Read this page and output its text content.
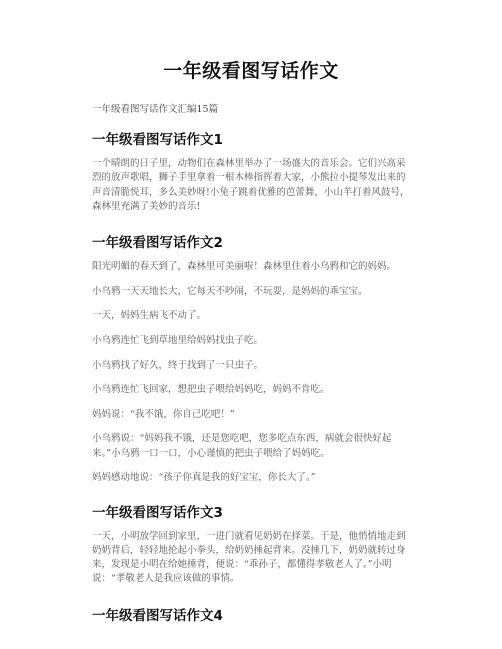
一年级看图写话作文

一年级看图写话作文汇编15篇

一年级看图写话作文1

一个晴朗的日子里，动物们在森林里举办了一场盛大的音乐会。它们兴高采烈的放声歌唱，狮子手里拿着一根木棒指挥着大家，小熊拉小提琴发出来的声音清脆悦耳，多么美妙呀!小兔子跳着优雅的芭蕾舞，小山羊打着风鼓号，森林里充满了美妙的音乐!

一年级看图写话作文2

阳光明媚的春天到了，森林里可美丽啦！森林里住着小乌鸦和它的妈妈。

小乌鸦一天天地长大，它每天不吵闹，不玩耍，是妈妈的乖宝宝。

一天，妈妈生病飞不动了。

小乌鸦连忙飞到草地里给妈妈找虫子吃。

小乌鸦找了好久，终于找到了一只虫子。

小乌鸦连忙飞回家，想把虫子喂给妈妈吃，妈妈不肯吃。

妈妈说：“我不饿，你自己吃吧！”

小乌鸦说：“妈妈我不饿，还是您吃吧，您多吃点东西，病就会很快好起来。”小乌鸦一口一口，小心谨慎的把虫子喂给了妈妈吃。

妈妈感动地说：“孩子你真是我的好宝宝，你长大了。”

一年级看图写话作文3

一天，小明放学回到家里，一进门就看见奶奶在择菜。于是，他悄悄地走到奶奶背后，轻轻地抡起小拳头，给奶奶捶起背来。没捶几下，奶奶就转过身来，发现是小明在给她捶背，便说：“乖孙子，都懂得孝敬老人了。”小明说：“孝敬老人是我应该做的事情。

一年级看图写话作文4
